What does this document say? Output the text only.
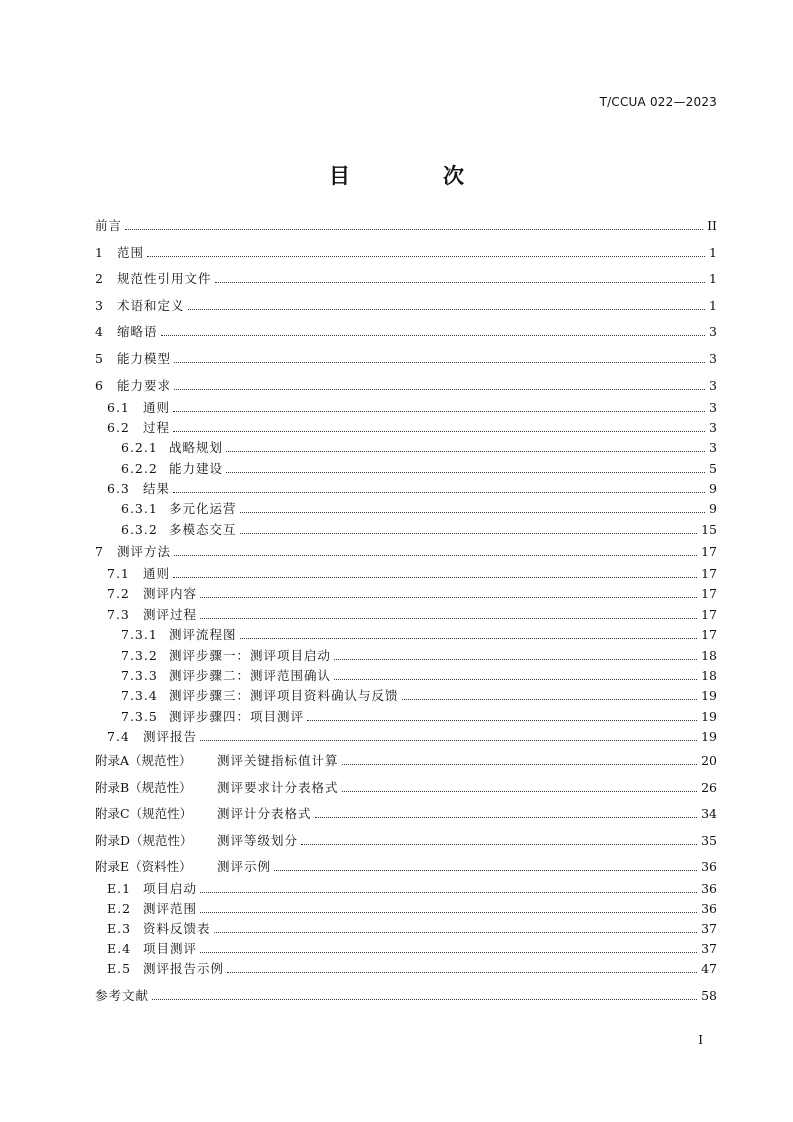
T/CCUA 022—2023
目　次
前言	II
1	范围	1
2	规范性引用文件	1
3	术语和定义	1
4	缩略语	3
5	能力模型	3
6	能力要求	3
6.1	通则	3
6.2	过程	3
6.2.1 战略规划	3
6.2.2 能力建设	5
6.3	结果	9
6.3.1 多元化运营	9
6.3.2 多模态交互	15
7	测评方法	17
7.1	通则	17
7.2	测评内容	17
7.3	测评过程	17
7.3.1 测评流程图	17
7.3.2 测评步骤一：测评项目启动	18
7.3.3 测评步骤二：测评范围确认	18
7.3.4 测评步骤三：测评项目资料确认与反馈	19
7.3.5 测评步骤四：项目测评	19
7.4	测评报告	19
附录A（规范性）	测评关键指标值计算	20
附录B（规范性）	测评要求计分表格式	26
附录C（规范性）	测评计分表格式	34
附录D（规范性）	测评等级划分	35
附录E（资料性）	测评示例	36
E.1 项目启动	36
E.2 测评范围	36
E.3 资料反馈表	37
E.4 项目测评	37
E.5 测评报告示例	47
参考文献	58
I
